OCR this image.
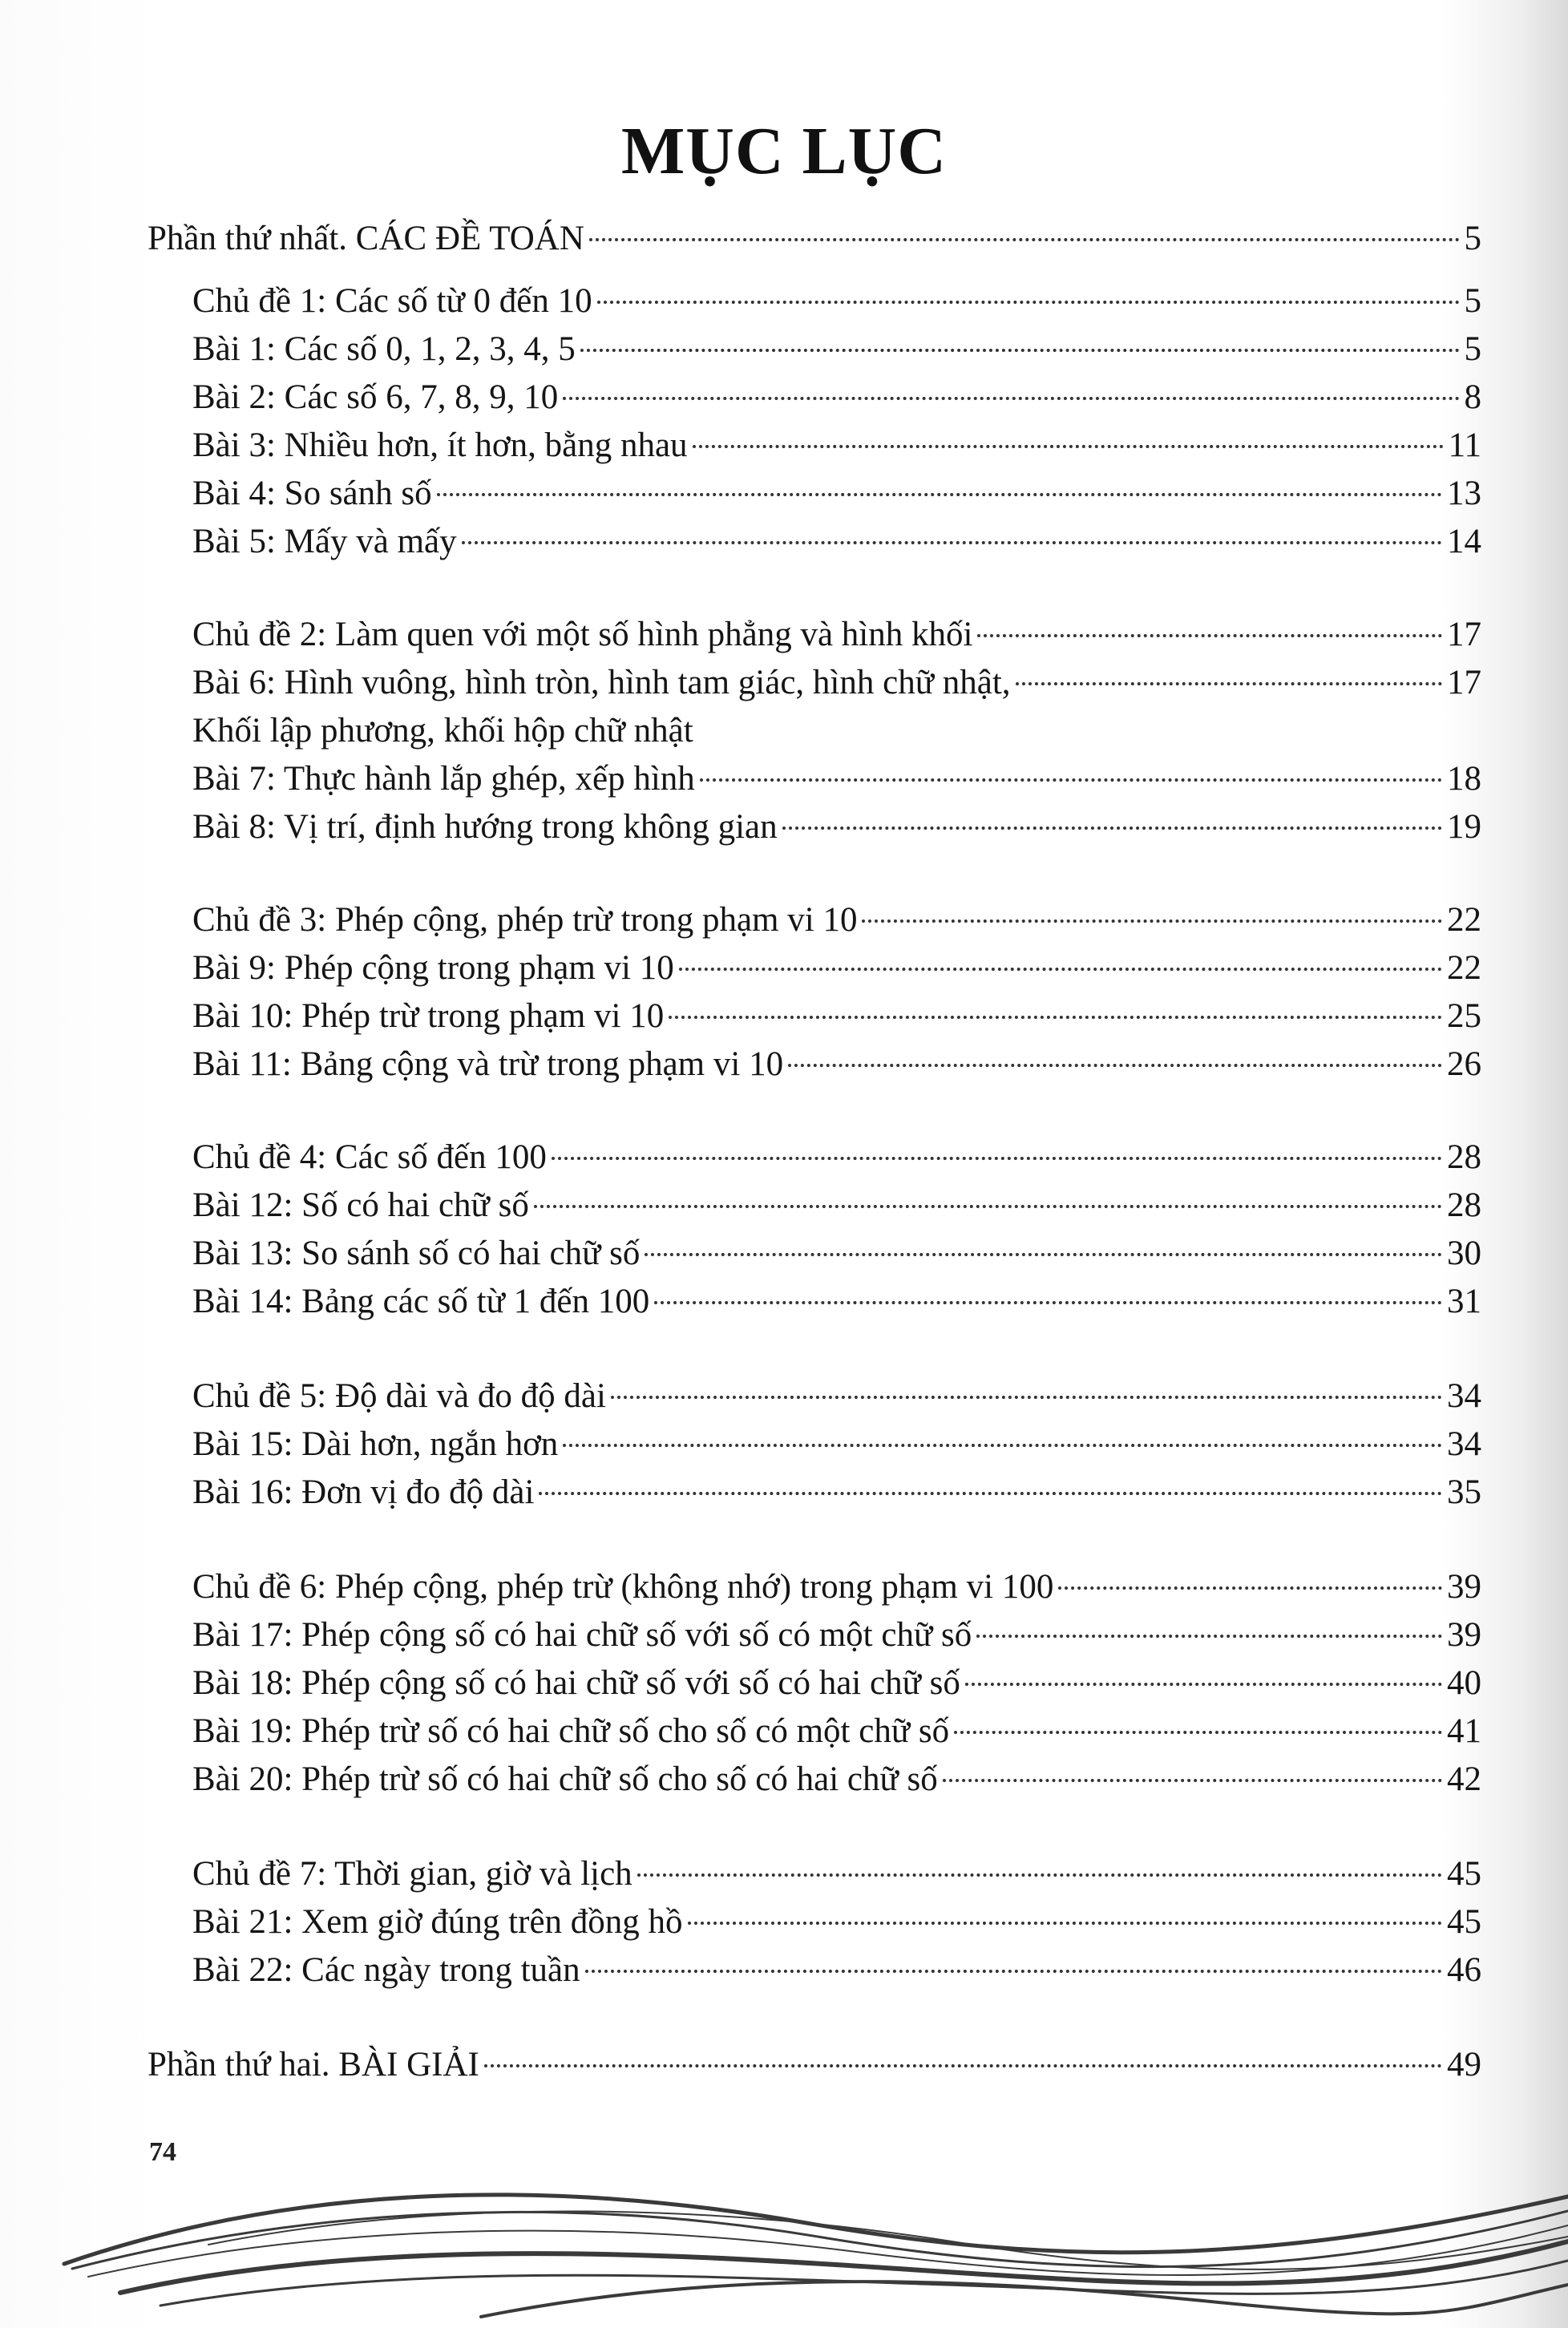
MỤC LỤC
Phần thứ nhất. CÁC ĐỀ TOÁN	5
Chủ đề 1: Các số từ 0 đến 10	5
Bài 1: Các số 0, 1, 2, 3, 4, 5	5
Bài 2: Các số 6, 7, 8, 9, 10	8
Bài 3: Nhiều hơn, ít hơn, bằng nhau	11
Bài 4: So sánh số	13
Bài 5: Mấy và mấy	14
Chủ đề 2: Làm quen với một số hình phẳng và hình khối	17
Bài 6: Hình vuông, hình tròn, hình tam giác, hình chữ nhật,	17
Khối lập phương, khối hộp chữ nhật
Bài 7: Thực hành lắp ghép, xếp hình	18
Bài 8: Vị trí, định hướng trong không gian	19
Chủ đề 3: Phép cộng, phép trừ trong phạm vi 10	22
Bài 9: Phép cộng trong phạm vi 10	22
Bài 10: Phép trừ trong phạm vi 10	25
Bài 11: Bảng cộng và trừ trong phạm vi 10	26
Chủ đề 4: Các số đến 100	28
Bài 12: Số có hai chữ số	28
Bài 13: So sánh số có hai chữ số	30
Bài 14: Bảng các số từ 1 đến 100	31
Chủ đề 5: Độ dài và đo độ dài	34
Bài 15: Dài hơn, ngắn hơn	34
Bài 16: Đơn vị đo độ dài	35
Chủ đề 6: Phép cộng, phép trừ (không nhớ) trong phạm vi 100	39
Bài 17: Phép cộng số có hai chữ số với số có một chữ số	39
Bài 18: Phép cộng số có hai chữ số với số có hai chữ số	40
Bài 19: Phép trừ số có hai chữ số cho số có một chữ số	41
Bài 20: Phép trừ số có hai chữ số cho số có hai chữ số	42
Chủ đề 7: Thời gian, giờ và lịch	45
Bài 21: Xem giờ đúng trên đồng hồ	45
Bài 22: Các ngày trong tuần	46
Phần thứ hai. BÀI GIẢI	49
74
